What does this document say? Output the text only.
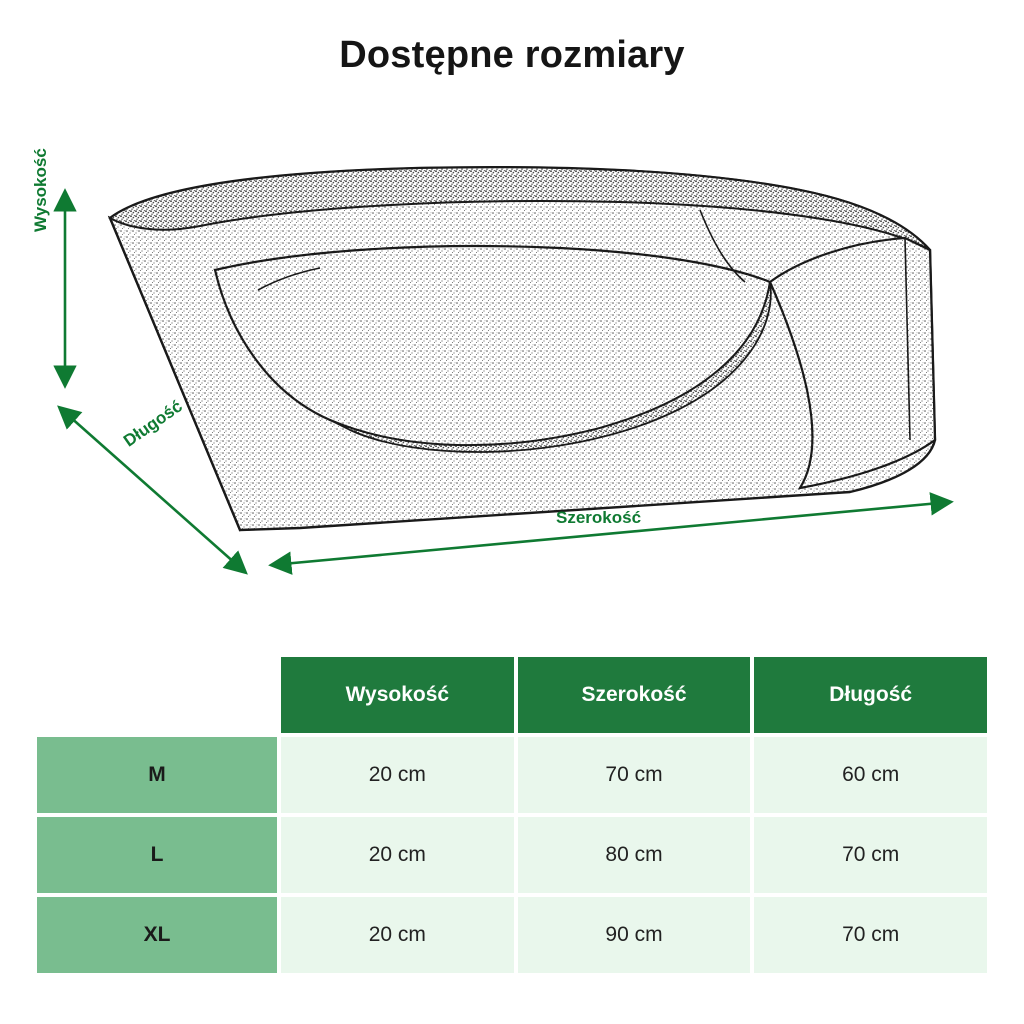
Dostępne rozmiary
Wysokość
Długość
Szerokość
	Wysokość	Szerokość	Długość
M	20 cm	70 cm	60 cm
L	20 cm	80 cm	70 cm
XL	20 cm	90 cm	70 cm
